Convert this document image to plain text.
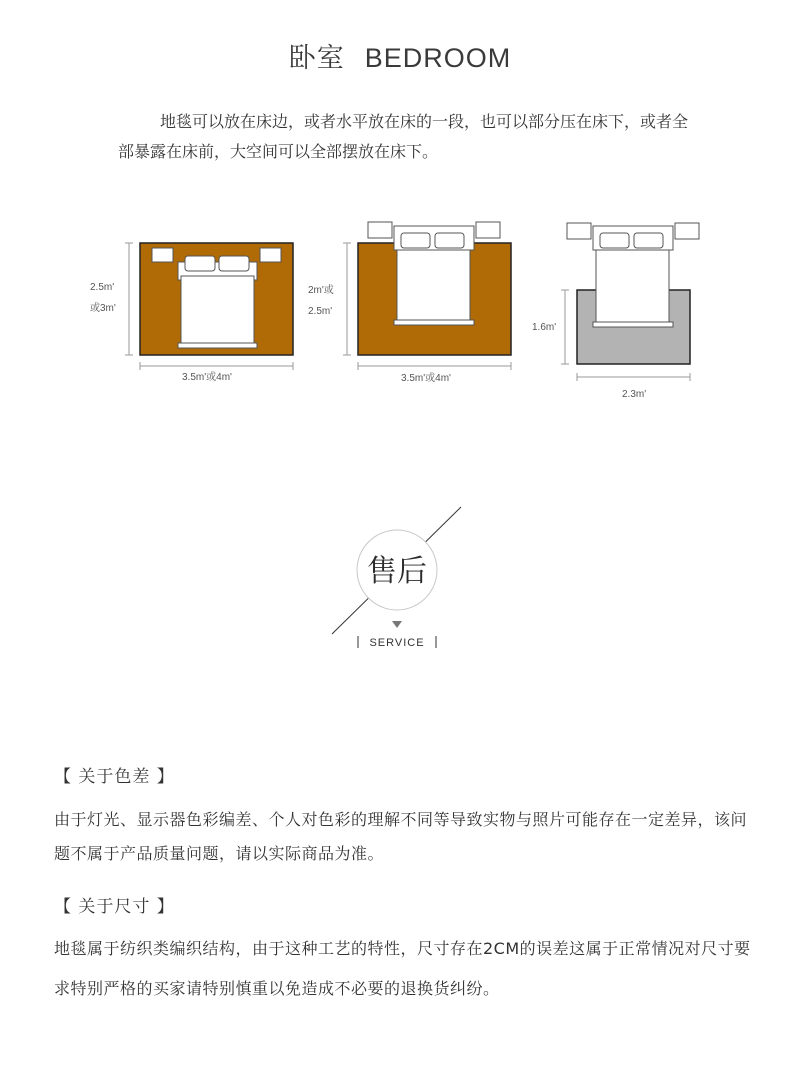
卧室 BEDROOM

地毯可以放在床边，或者水平放在床的一段，也可以部分压在床下，或者全部暴露在床前，大空间可以全部摆放在床下。

2.5m'
或3m'
3.5m'或4m'
2m'或
2.5m'
3.5m'或4m'
1.6m'
2.3m'
售后
SERVICE
【 关于色差 】

由于灯光、显示器色彩编差、个人对色彩的理解不同等导致实物与照片可能存在一定差异，该问题不属于产品质量问题，请以实际商品为准。

【 关于尺寸 】

地毯属于纺织类编织结构，由于这种工艺的特性，尺寸存在2CM的误差这属于正常情况对尺寸要求特别严格的买家请特别慎重以免造成不必要的退换货纠纷。
